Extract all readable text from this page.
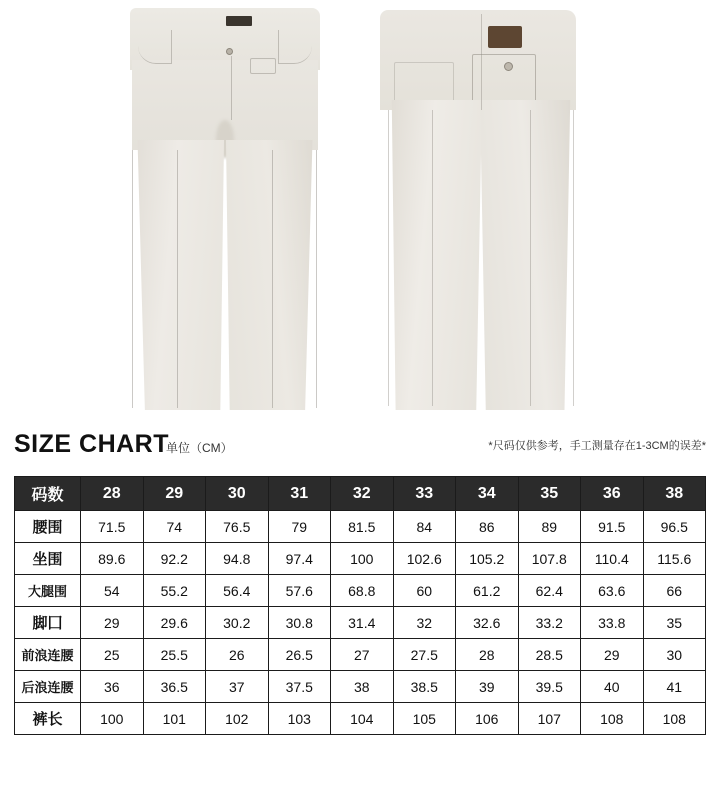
SIZE CHART
单位（CM）	*尺码仅供参考，手工测量存在1-3CM的误差*
码数	28	29	30	31	32	33	34	35	36	38
腰围	71.5	74	76.5	79	81.5	84	86	89	91.5	96.5
坐围	89.6	92.2	94.8	97.4	100	102.6	105.2	107.8	110.4	115.6
大腿围	54	55.2	56.4	57.6	68.8	60	61.2	62.4	63.6	66
脚囗	29	29.6	30.2	30.8	31.4	32	32.6	33.2	33.8	35
前浪连腰	25	25.5	26	26.5	27	27.5	28	28.5	29	30
后浪连腰	36	36.5	37	37.5	38	38.5	39	39.5	40	41
裤长	100	101	102	103	104	105	106	107	108	108
